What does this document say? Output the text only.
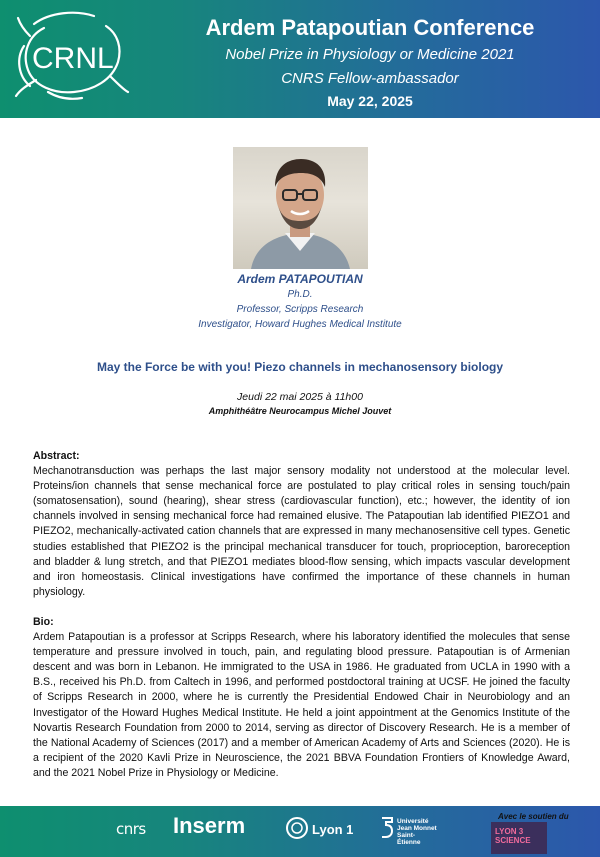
CRNL

Ardem Patapoutian Conference

Nobel Prize in Physiology or Medicine 2021

CNRS Fellow-ambassador

May 22, 2025

Ardem PATAPOUTIAN

Ph.D.

Professor, Scripps Research

Investigator, Howard Hughes Medical Institute

May the Force be with you! Piezo channels in mechanosensory biology

Jeudi 22 mai 2025 à 11h00

Amphithéâtre Neurocampus Michel Jouvet

Abstract:
Mechanotransduction was perhaps the last major sensory modality not understood at the molecular level. Proteins/ion channels that sense mechanical force are postulated to play critical roles in sensing touch/pain (somatosensation), sound (hearing), shear stress (cardiovascular function), etc.; however, the identity of ion channels involved in sensing mechanical force had remained elusive. The Patapoutian lab identified PIEZO1 and PIEZO2, mechanically-activated cation channels that are expressed in many mechanosensitive cell types. Genetic studies established that PIEZO2 is the principal mechanical transducer for touch, proprioception, baroreception and bladder & lung stretch, and that PIEZO1 mediates blood-flow sensing, which impacts vascular development and iron homeostasis. Clinical investigations have confirmed the importance of these channels in human physiology.
Bio:
Ardem Patapoutian is a professor at Scripps Research, where his laboratory identified the molecules that sense temperature and pressure involved in touch, pain, and regulating blood pressure. Patapoutian is of Armenian descent and was born in Lebanon. He immigrated to the USA in 1986. He graduated from UCLA in 1990 with a B.S., received his Ph.D. from Caltech in 1996, and performed postdoctoral training at UCSF. He joined the faculty of Scripps Research in 2000, where he is currently the Presidential Endowed Chair in Neurobiology and an Investigator of the Howard Hughes Medical Institute. He held a joint appointment at the Genomics Institute of the Novartis Research Foundation from 2000 to 2014, serving as director of Discovery Research. He is a member of the National Academy of Sciences (2017) and a member of American Academy of Arts and Sciences (2020). He is a recipient of the 2020 Kavli Prize in Neuroscience, the 2021 BBVA Foundation Frontiers of Knowledge Award, and the 2021 Nobel Prize in Physiology or Medicine.

cnrs Inserm	Lyon 1

Université Jean Monnet Saint-Étienne

Avec le soutien du

LYON 3 SCIENCE
